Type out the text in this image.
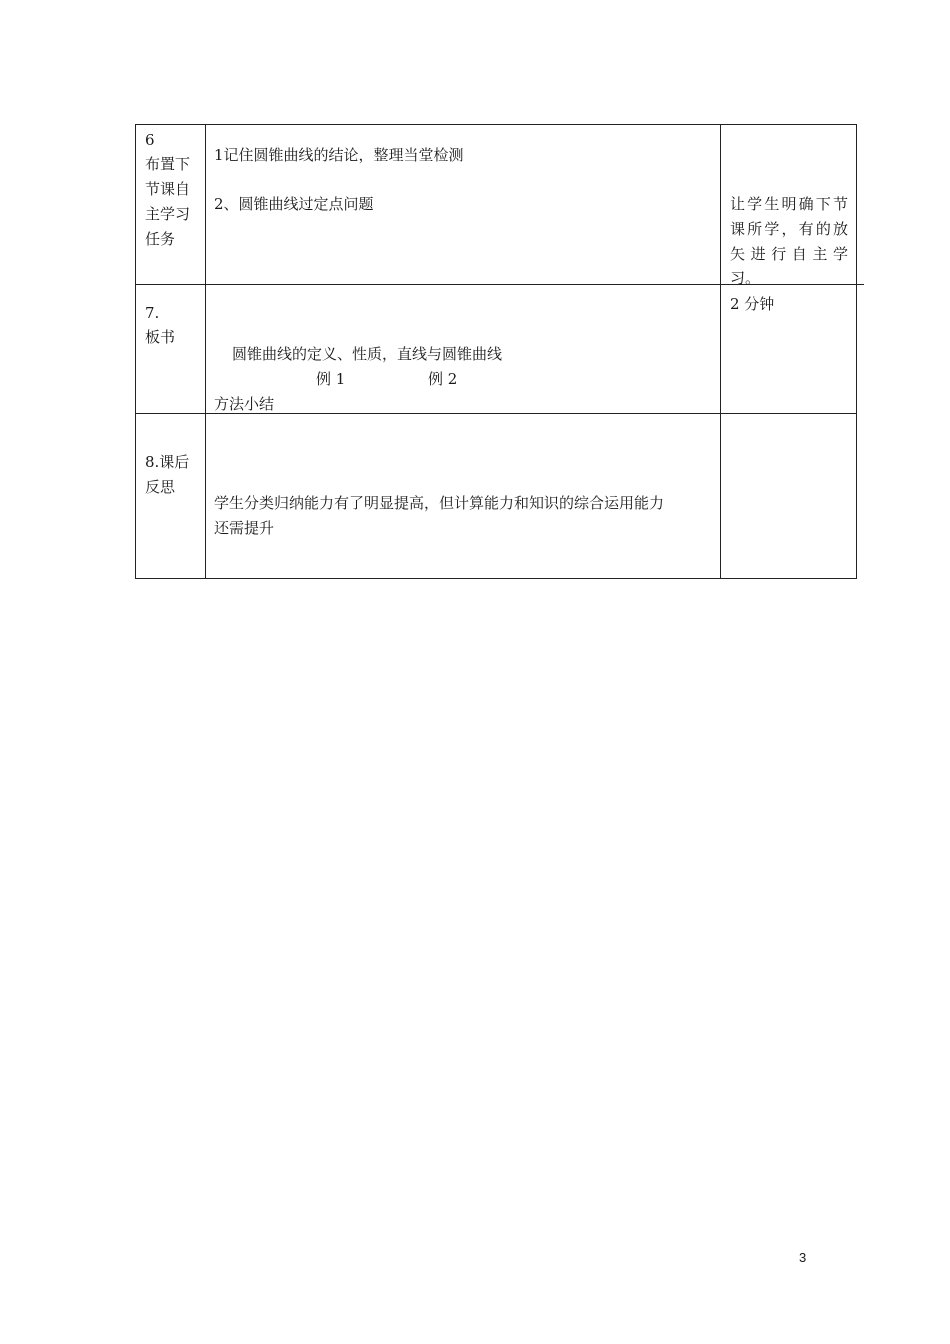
6
布置下
节课自
主学习
任务
1记住圆锥曲线的结论，整理当堂检测
2、圆锥曲线过定点问题	让学生明确下节
课所学，有的放
矢进行自主学
习。
7.
板书
圆锥曲线的定义、性质，直线与圆锥曲线
例 1	例 2
方法小结
2 分钟
8.课后
反思
学生分类归纳能力有了明显提高，但计算能力和知识的综合运用能力
还需提升
3
